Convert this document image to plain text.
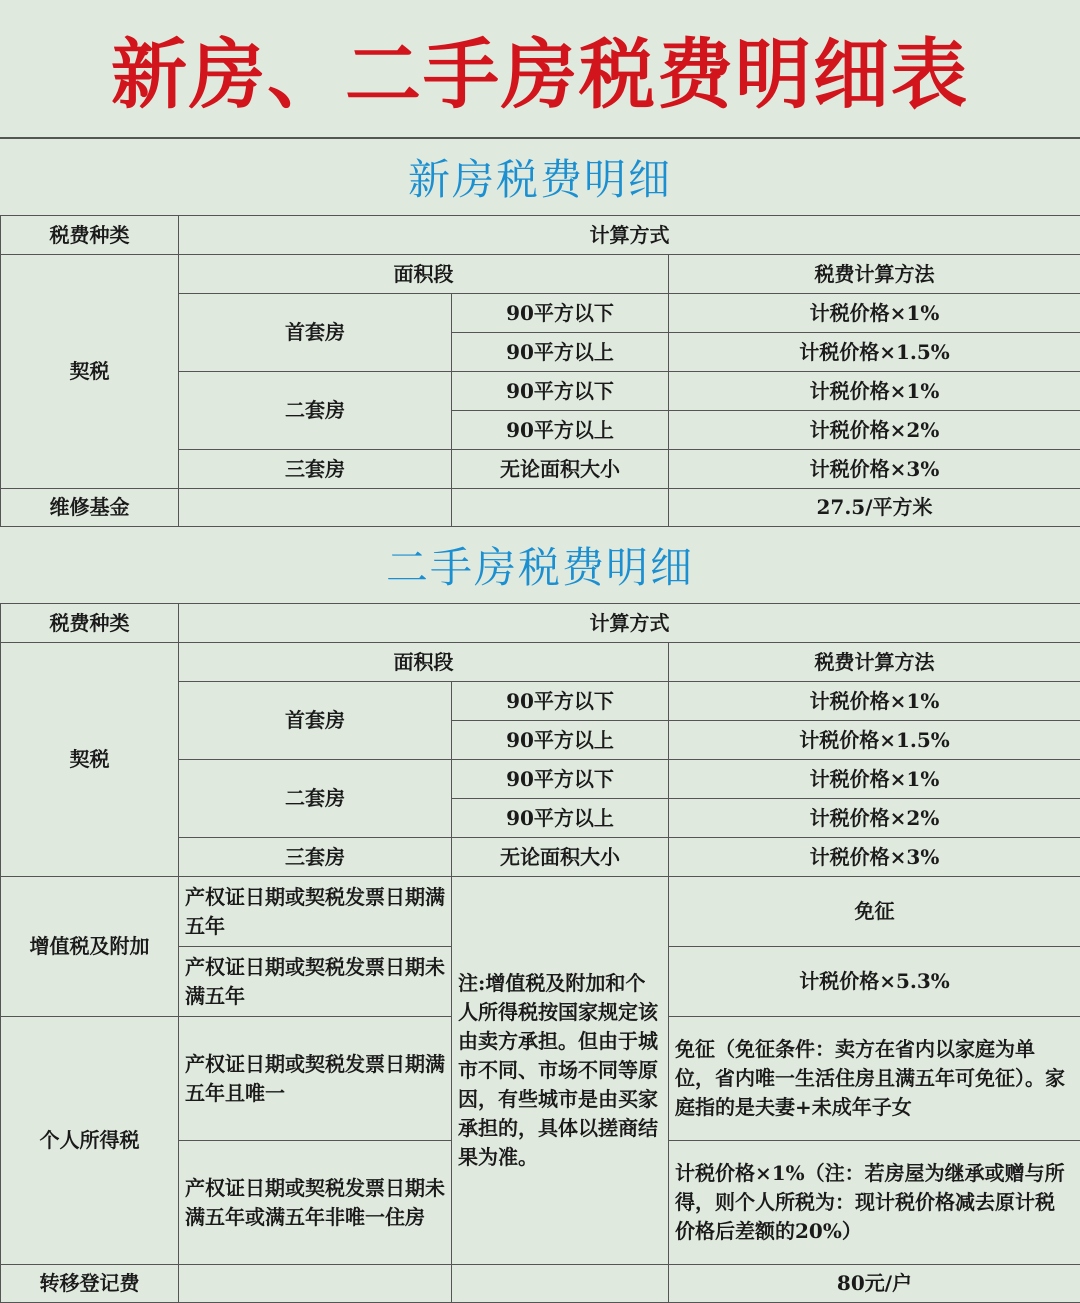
新房、二手房税费明细表
新房税费明细
税费种类	计算方式		
契税	面积段		税费计算方法
	首套房	90平方以下	计税价格×1%
		90平方以上	计税价格×1.5%
	二套房	90平方以下	计税价格×1%
		90平方以上	计税价格×2%
	三套房	无论面积大小	计税价格×3%
维修基金			27.5/平方米
二手房税费明细
税费种类	计算方式		
契税	面积段		税费计算方法
	首套房	90平方以下	计税价格×1%
		90平方以上	计税价格×1.5%
	二套房	90平方以下	计税价格×1%
		90平方以上	计税价格×2%
	三套房	无论面积大小	计税价格×3%
增值税及附加	产权证日期或契税发票日期满五年	注:增值税及附加和个人所得税按国家规定该由卖方承担。但由于城市不同、市场不同等原因，有些城市是由买家承担的，具体以搓商结果为准。	免征
	产权证日期或契税发票日期未满五年		计税价格×5.3%
个人所得税	产权证日期或契税发票日期满五年且唯一		免征（免征条件：卖方在省内以家庭为单位，省内唯一生活住房且满五年可免征）。家庭指的是夫妻+未成年子女
	产权证日期或契税发票日期未满五年或满五年非唯一住房		计税价格×1%（注：若房屋为继承或赠与所得，则个人所税为：现计税价格减去原计税价格后差额的20%）
转移登记费			80元/户
